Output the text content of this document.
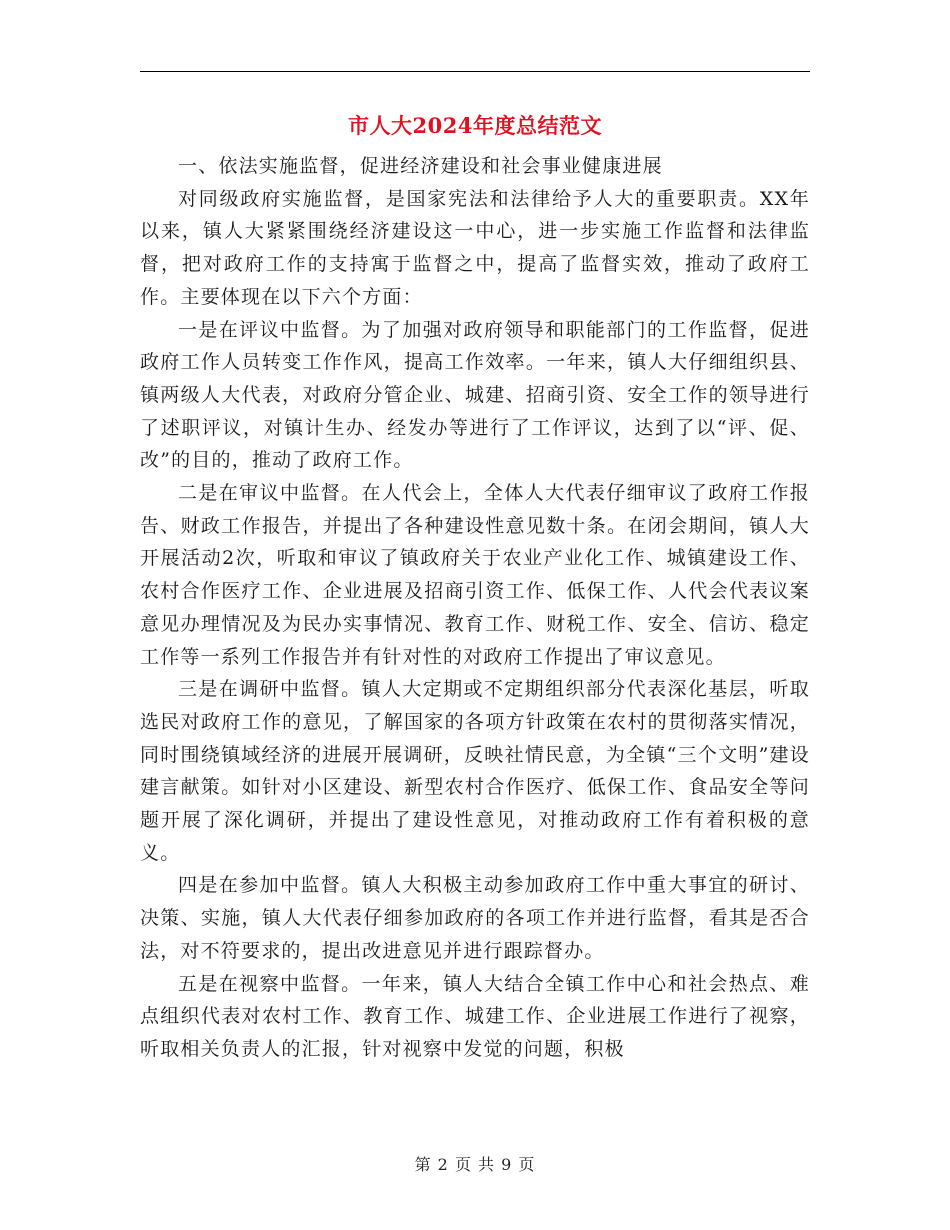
市人大2024年度总结范文

一、依法实施监督，促进经济建设和社会事业健康进展

对同级政府实施监督，是国家宪法和法律给予人大的重要职责。XX年以来，镇人大紧紧围绕经济建设这一中心，进一步实施工作监督和法律监督，把对政府工作的支持寓于监督之中，提高了监督实效，推动了政府工作。主要体现在以下六个方面：

一是在评议中监督。为了加强对政府领导和职能部门的工作监督，促进政府工作人员转变工作作风，提高工作效率。一年来，镇人大仔细组织县、镇两级人大代表，对政府分管企业、城建、招商引资、安全工作的领导进行了述职评议，对镇计生办、经发办等进行了工作评议，达到了以“评、促、改”的目的，推动了政府工作。

二是在审议中监督。在人代会上，全体人大代表仔细审议了政府工作报告、财政工作报告，并提出了各种建设性意见数十条。在闭会期间，镇人大开展活动2次，听取和审议了镇政府关于农业产业化工作、城镇建设工作、农村合作医疗工作、企业进展及招商引资工作、低保工作、人代会代表议案意见办理情况及为民办实事情况、教育工作、财税工作、安全、信访、稳定工作等一系列工作报告并有针对性的对政府工作提出了审议意见。

三是在调研中监督。镇人大定期或不定期组织部分代表深化基层，听取选民对政府工作的意见，了解国家的各项方针政策在农村的贯彻落实情况，同时围绕镇域经济的进展开展调研，反映社情民意，为全镇“三个文明”建设建言献策。如针对小区建设、新型农村合作医疗、低保工作、食品安全等问题开展了深化调研，并提出了建设性意见，对推动政府工作有着积极的意义。

四是在参加中监督。镇人大积极主动参加政府工作中重大事宜的研讨、决策、实施，镇人大代表仔细参加政府的各项工作并进行监督，看其是否合法，对不符要求的，提出改进意见并进行跟踪督办。

五是在视察中监督。一年来，镇人大结合全镇工作中心和社会热点、难点组织代表对农村工作、教育工作、城建工作、企业进展工作进行了视察，听取相关负责人的汇报，针对视察中发觉的问题，积极

第 2 页 共 9 页
